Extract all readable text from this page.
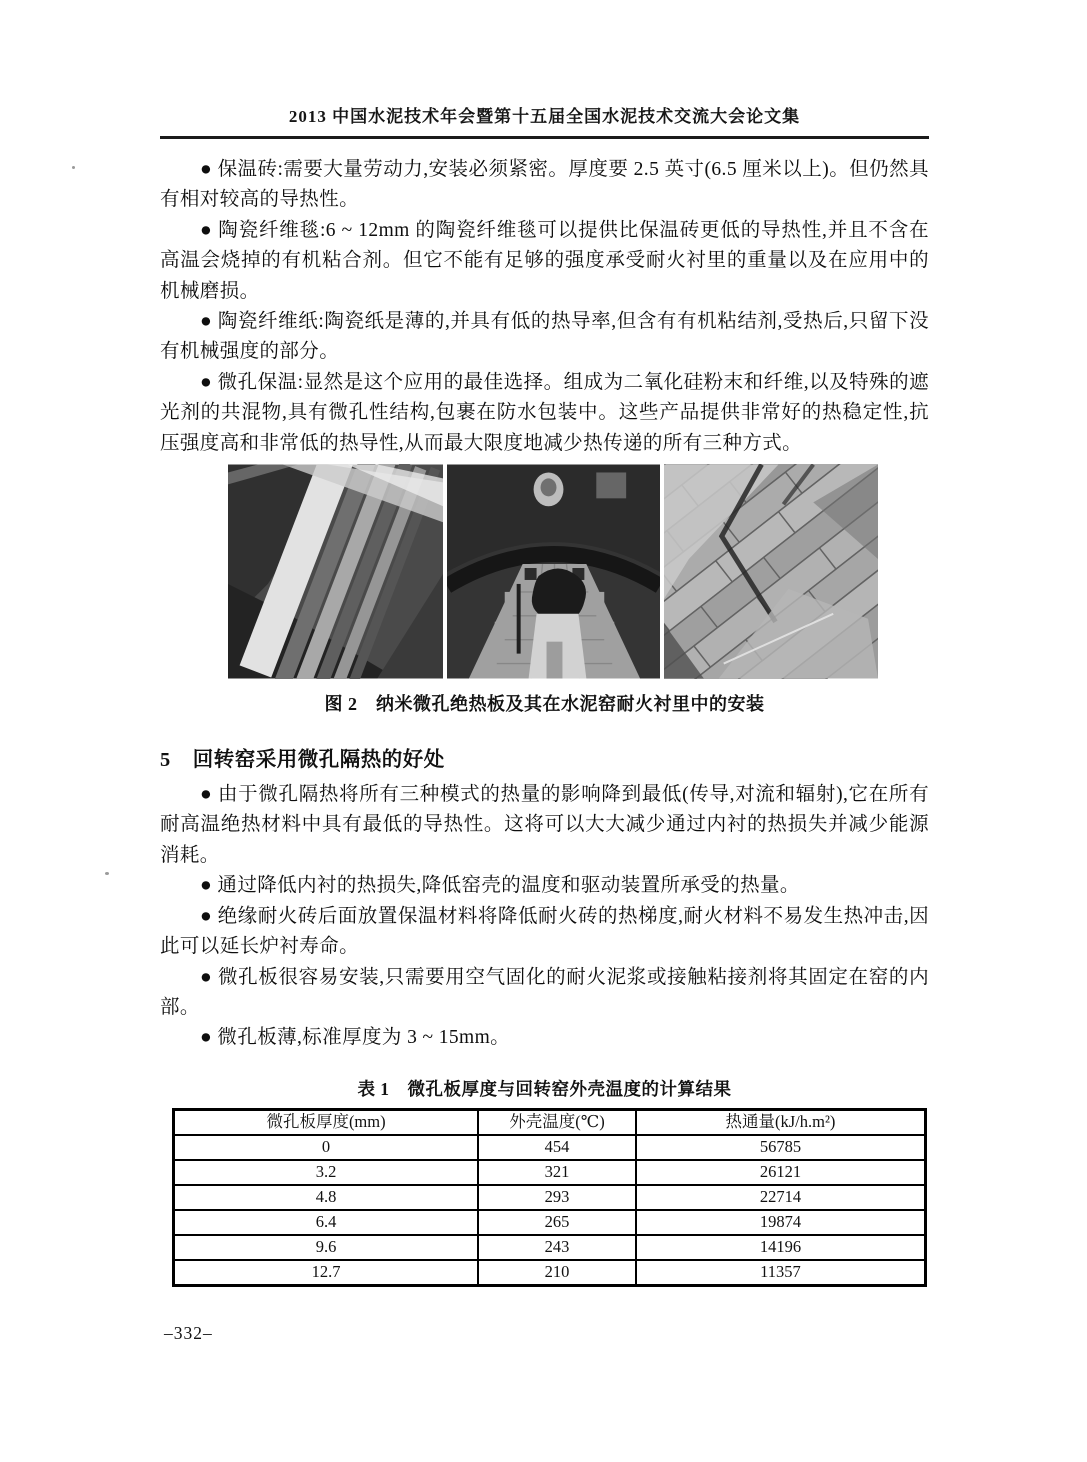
2013 中国水泥技术年会暨第十五届全国水泥技术交流大会论文集

● 保温砖:需要大量劳动力,安装必须紧密。厚度要 2.5 英寸(6.5 厘米以上)。但仍然具有相对较高的导热性。

● 陶瓷纤维毯:6 ~ 12mm 的陶瓷纤维毯可以提供比保温砖更低的导热性,并且不含在高温会烧掉的有机粘合剂。但它不能有足够的强度承受耐火衬里的重量以及在应用中的机械磨损。

● 陶瓷纤维纸:陶瓷纸是薄的,并具有低的热导率,但含有有机粘结剂,受热后,只留下没有机械强度的部分。

● 微孔保温:显然是这个应用的最佳选择。组成为二氧化硅粉末和纤维,以及特殊的遮光剂的共混物,具有微孔性结构,包裹在防水包装中。这些产品提供非常好的热稳定性,抗压强度高和非常低的热导性,从而最大限度地减少热传递的所有三种方式。

图 2　纳米微孔绝热板及其在水泥窑耐火衬里中的安装
5 回转窑采用微孔隔热的好处

● 由于微孔隔热将所有三种模式的热量的影响降到最低(传导,对流和辐射),它在所有耐高温绝热材料中具有最低的导热性。这将可以大大减少通过内衬的热损失并减少能源消耗。

● 通过降低内衬的热损失,降低窑壳的温度和驱动装置所承受的热量。

● 绝缘耐火砖后面放置保温材料将降低耐火砖的热梯度,耐火材料不易发生热冲击,因此可以延长炉衬寿命。

● 微孔板很容易安装,只需要用空气固化的耐火泥浆或接触粘接剂将其固定在窑的内部。

● 微孔板薄,标准厚度为 3 ~ 15mm。

表 1　微孔板厚度与回转窑外壳温度的计算结果
微孔板厚度(mm)	外壳温度(℃)	热通量(kJ/h.m²)
0	454	56785
3.2	321	26121
4.8	293	22714
6.4	265	19874
9.6	243	14196
12.7	210	11357
–332–
